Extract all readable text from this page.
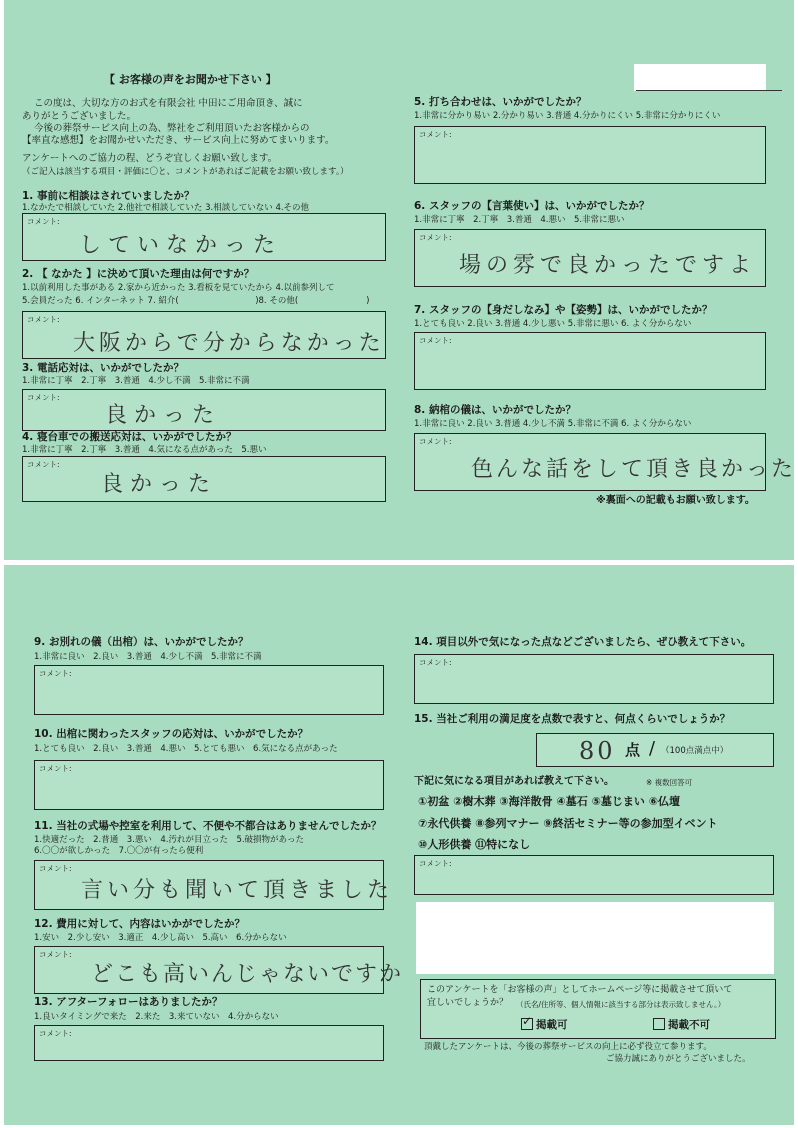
【 お客様の声をお聞かせ下さい 】
この度は、大切な方のお式を有限会社 中田にご用命頂き、誠に
ありがとうございました。
今後の葬祭サービス向上の為、弊社をご利用頂いたお客様からの
【率直な感想】をお聞かせいただき、サービス向上に努めてまいります。
アンケートへのご協力の程、どうぞ宜しくお願い致します。
（ご記入は該当する項目・評価に〇と、コメントがあればご記載をお願い致します。）
1. 事前に相談はされていましたか？
1.なかたで相談していた 2.他社で相談していた 3.相談していない 4.その他
コメント:
していなかった
2. 【 なかた 】に決めて頂いた理由は何ですか？
1.以前利用した事がある 2.家から近かった 3.看板を見ていたから 4.以前参列して
5.会員だった 6. インターネット 7. 紹介(　　　　　　　　　)8. その他(　　　　　　　　)
コメント:
大阪からで分からなかった
3. 電話応対は、いかがでしたか？
1.非常に丁寧　2.丁寧　3.普通　4.少し不満　5.非常に不満
コメント:
良かった
4. 寝台車での搬送応対は、いかがでしたか？
1.非常に丁寧　2.丁寧　3.普通　4.気になる点があった　5.悪い
コメント:
良かった
5. 打ち合わせは、いかがでしたか？
1.非常に分かり易い 2.分かり易い 3.普通 4.分かりにくい 5.非常に分かりにくい
コメント:
6. スタッフの【言葉使い】は、いかがでしたか？
1.非常に丁寧　2.丁寧　3.普通　4.悪い　5.非常に悪い
コメント:
場の雰で良かったですよ
7. スタッフの【身だしなみ】や【姿勢】は、いかがでしたか？
1.とても良い 2.良い 3.普通 4.少し悪い 5.非常に悪い 6. よく分からない
コメント:
8. 納棺の儀は、いかがでしたか？
1.非常に良い 2.良い 3.普通 4.少し不満 5.非常に不満 6. よく分からない
コメント:
色んな話をして頂き良かった
※裏面への記載もお願い致します。
9. お別れの儀（出棺）は、いかがでしたか？
1.非常に良い　2.良い　3.普通　4.少し不満　5.非常に不満
コメント:
10. 出棺に関わったスタッフの応対は、いかがでしたか？
1.とても良い　2.良い　3.普通　4.悪い　5.とても悪い　6.気になる点があった
コメント:
11. 当社の式場や控室を利用して、不便や不都合はありませんでしたか？
1.快適だった　2.普通　3.悪い　4.汚れが目立った　5.破損物があった
6.〇〇が欲しかった　7.〇〇が有ったら便利
コメント:
言い分も聞いて頂きました
12. 費用に対して、内容はいかがでしたか？
1.安い　2.少し安い　3.適正　4.少し高い　5.高い　6.分からない
コメント:
どこも高いんじゃないですか
13. アフターフォローはありましたか？
1.良いタイミングで来た　2.来た　3.来ていない　4.分からない
コメント:
14. 項目以外で気になった点などございましたら、ぜひ教えて下さい。
コメント:
15. 当社ご利用の満足度を点数で表すと、何点くらいでしょうか？
80 点 / （100点満点中）
下記に気になる項目があれば教えて下さい。	※ 複数回答可
①初盆 ②樹木葬 ③海洋散骨 ④墓石 ⑤墓じまい ⑥仏壇
⑦永代供養 ⑧参列マナー ⑨終活セミナー等の参加型イベント
⑩人形供養 ⑪特になし
コメント:
このアンケートを「お客様の声」としてホームページ等に掲載させて頂いて
宜しいでしょうか？ （氏名/住所等、個人情報に該当する部分は表示致しません。）
✓ 掲載可	掲載不可
頂戴したアンケートは、今後の葬祭サービスの向上に必ず役立て参ります。
ご協力誠にありがとうございました。
